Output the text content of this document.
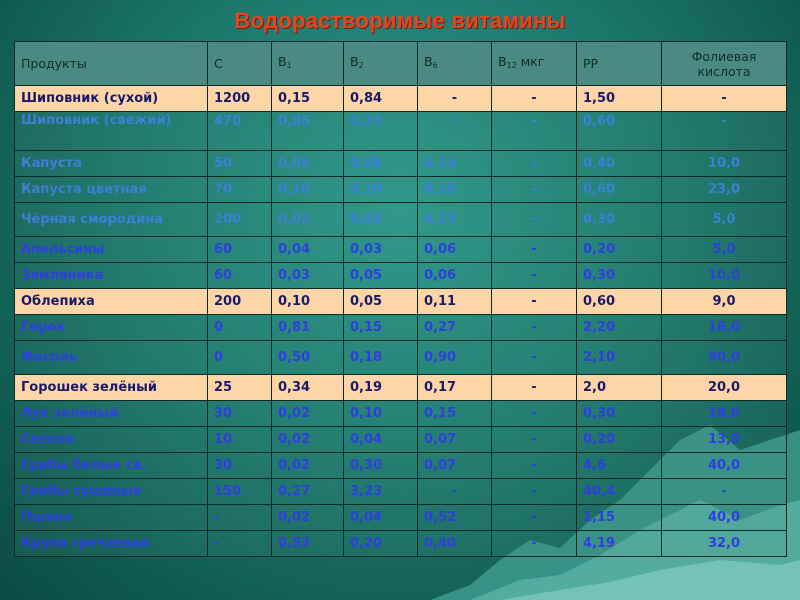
Водорастворимые витамины
Продукты	С	$В_1$	$В_2$	$В_6$	$В_{12}$ мкг	РР	Фолиевая кислота
Шиповник (сухой)	1200	0,15	0,84	-	-	1,50	-
Шиповник (свежий)	470	0,05	0,33	-	-	0,60	-
Капуста	50	0,06	0,08	0,14	-	0,40	10,0
Капуста цветная	70	0,10	0,10	0,16	-	0,60	23,0
Чёрная смородина	200	0,02	0,02	0,13	-	0,30	5,0
Апельсины	60	0,04	0,03	0,06	-	0,20	5,0
Земляника	60	0,03	0,05	0,06	-	0,30	10,0
Облепиха	200	0,10	0,05	0,11	-	0,60	9,0
Горох	0	0,81	0,15	0,27	-	2,20	16,0
Фасоль	0	0,50	0,18	0,90	-	2,10	90,0
Горошек зелёный	25	0,34	0,19	0,17	-	2,0	20,0
Лук зелёный	30	0,02	0,10	0,15	-	0,30	18,0
Свекла	10	0,02	0,04	0,07	-	0,20	13,0
Грибы белые св.	30	0,02	0,30	0,07	-	4,6	40,0
Грибы сушеные	150	0,27	3,23	-	-	40,4	-
Пшено	-	0,02	0,04	0,52	-	1,15	40,0
Крупа гречневая	-	0,53	0,20	0,40	-	4,19	32,0
